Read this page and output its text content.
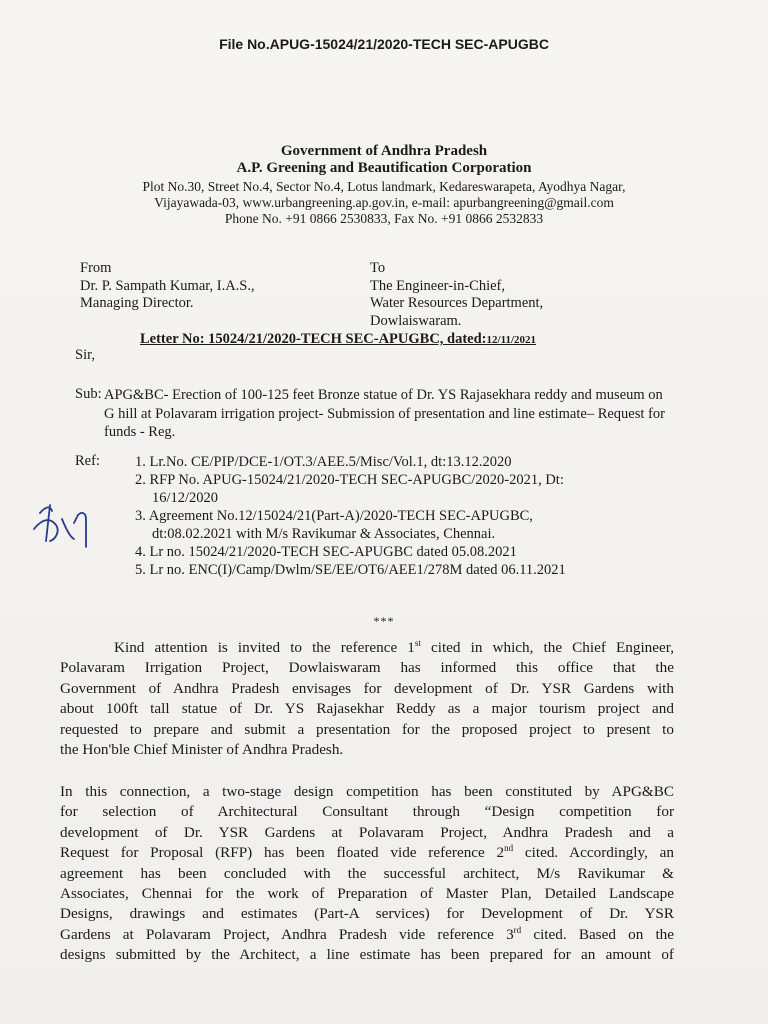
File No.APUG-15024/21/2020-TECH SEC-APUGBC
Government of Andhra Pradesh
A.P. Greening and Beautification Corporation
Plot No.30, Street No.4, Sector No.4, Lotus landmark, Kedareswarapeta, Ayodhya Nagar,
Vijayawada-03, www.urbangreening.ap.gov.in, e-mail: apurbangreening@gmail.com
Phone No. +91 0866 2530833, Fax No. +91 0866 2532833
From
Dr. P. Sampath Kumar, I.A.S.,
Managing Director.
To
The Engineer-in-Chief,
Water Resources Department,
Dowlaiswaram.
Letter No: 15024/21/2020-TECH SEC-APUGBC, dated:12/11/2021
Sir,
Sub: APG&BC- Erection of 100-125 feet Bronze statue of Dr. YS Rajasekhara reddy and museum on G hill at Polavaram irrigation project- Submission of presentation and line estimate– Request for funds - Reg.
Ref: 1. Lr.No. CE/PIP/DCE-1/OT.3/AEE.5/Misc/Vol.1, dt:13.12.2020
2. RFP No. APUG-15024/21/2020-TECH SEC-APUGBC/2020-2021, Dt:
16/12/2020
3. Agreement No.12/15024/21(Part-A)/2020-TECH SEC-APUGBC,
dt:08.02.2021 with M/s Ravikumar & Associates, Chennai.
4. Lr no. 15024/21/2020-TECH SEC-APUGBC dated 05.08.2021
5. Lr no. ENC(I)/Camp/Dwlm/SE/EE/OT6/AEE1/278M dated 06.11.2021
***
Kind attention is invited to the reference 1st cited in which, the Chief Engineer,
Polavaram Irrigation Project, Dowlaiswaram has informed this office that the
Government of Andhra Pradesh envisages for development of Dr. YSR Gardens with
about 100ft tall statue of Dr. YS Rajasekhar Reddy as a major tourism project and
requested to prepare and submit a presentation for the proposed project to present to
the Hon'ble Chief Minister of Andhra Pradesh.
In this connection, a two-stage design competition has been constituted by APG&BC
for selection of Architectural Consultant through “Design competition for
development of Dr. YSR Gardens at Polavaram Project, Andhra Pradesh and a
Request for Proposal (RFP) has been floated vide reference 2nd cited. Accordingly, an
agreement has been concluded with the successful architect, M/s Ravikumar &
Associates, Chennai for the work of Preparation of Master Plan, Detailed Landscape
Designs, drawings and estimates (Part-A services) for Development of Dr. YSR
Gardens at Polavaram Project, Andhra Pradesh vide reference 3rd cited. Based on the
designs submitted by the Architect, a line estimate has been prepared for an amount of
